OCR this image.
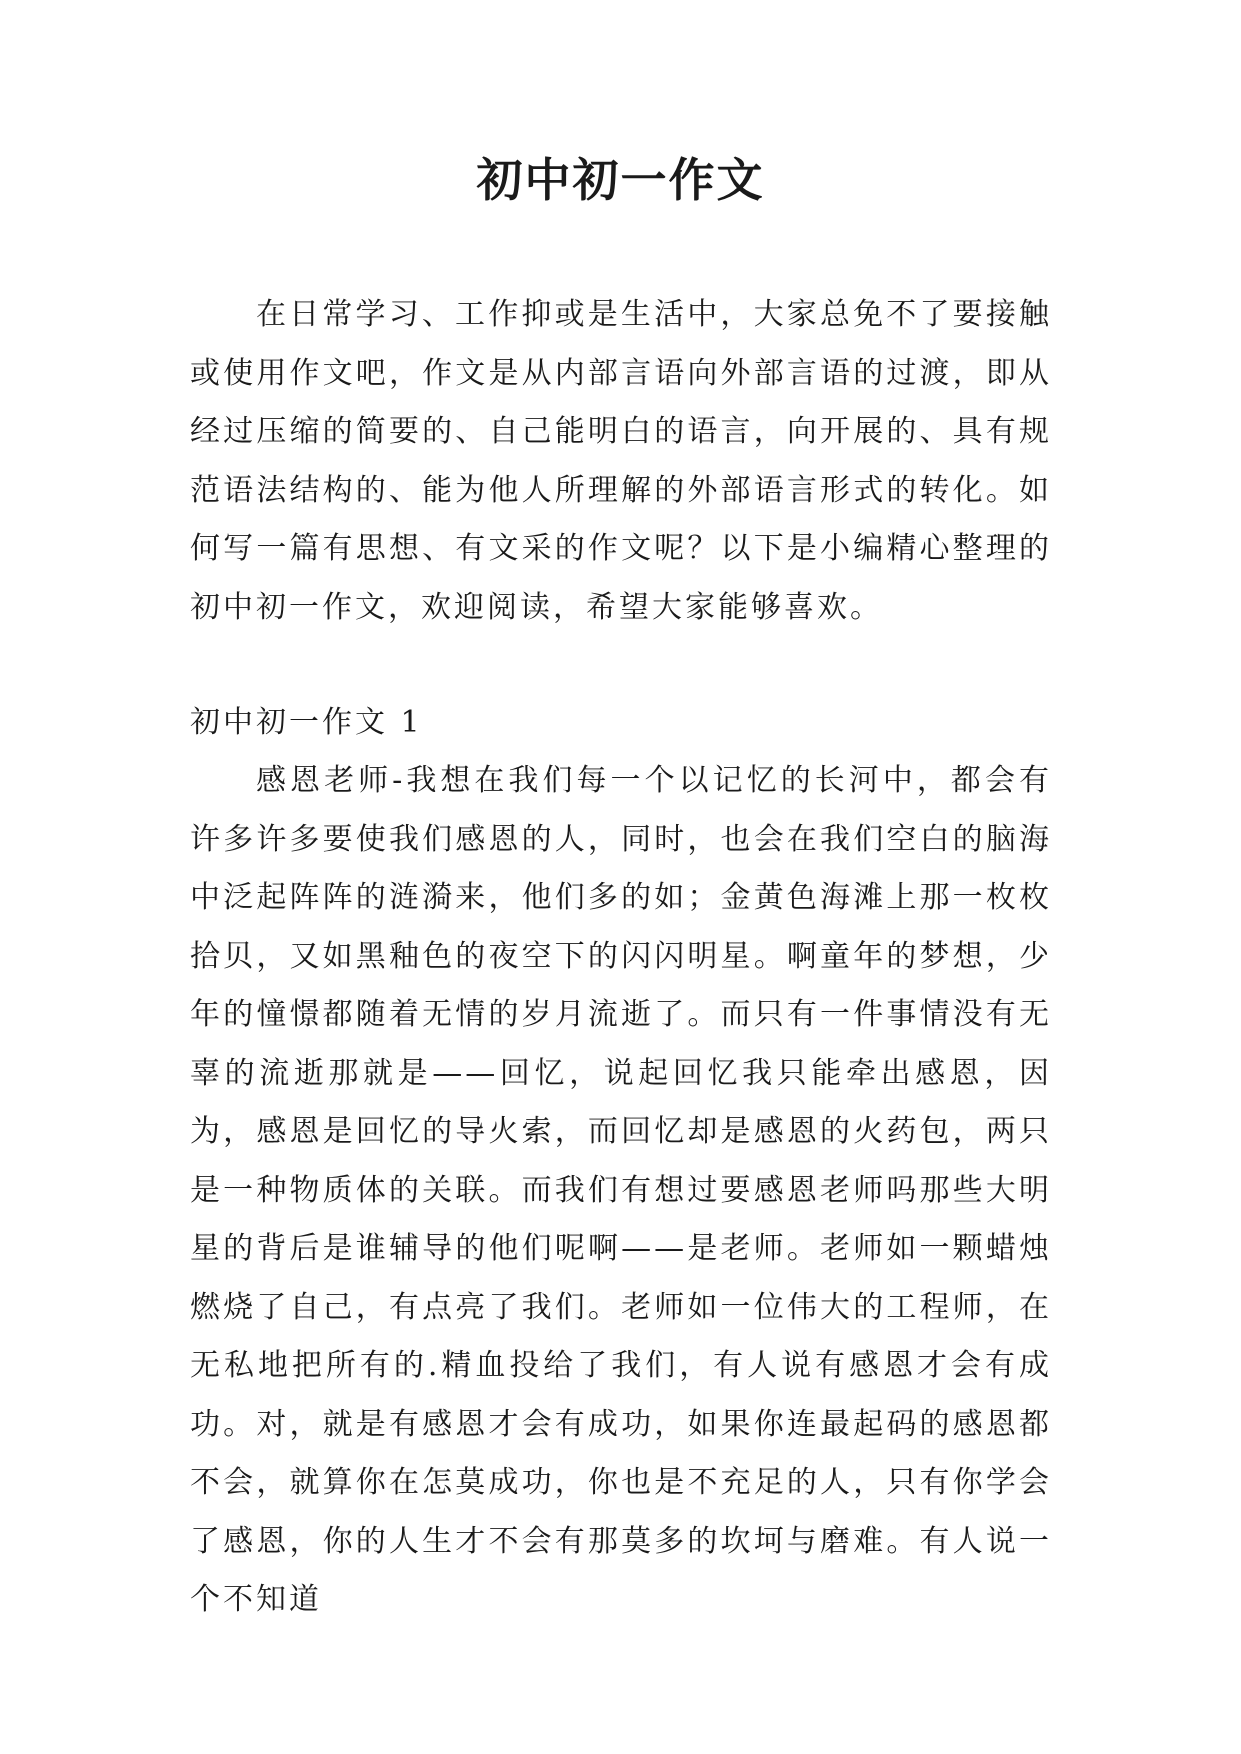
初中初一作文

在日常学习、工作抑或是生活中，大家总免不了要接触或使用作文吧，作文是从内部言语向外部言语的过渡，即从经过压缩的简要的、自己能明白的语言，向开展的、具有规范语法结构的、能为他人所理解的外部语言形式的转化。如何写一篇有思想、有文采的作文呢？以下是小编精心整理的初中初一作文，欢迎阅读，希望大家能够喜欢。

初中初一作文 1

感恩老师-我想在我们每一个以记忆的长河中，都会有许多许多要使我们感恩的人，同时，也会在我们空白的脑海中泛起阵阵的涟漪来，他们多的如；金黄色海滩上那一枚枚拾贝，又如黑釉色的夜空下的闪闪明星。啊童年的梦想，少年的憧憬都随着无情的岁月流逝了。而只有一件事情没有无辜的流逝那就是——回忆，说起回忆我只能牵出感恩，因为，感恩是回忆的导火索，而回忆却是感恩的火药包，两只是一种物质体的关联。而我们有想过要感恩老师吗那些大明星的背后是谁辅导的他们呢啊——是老师。老师如一颗蜡烛燃烧了自己，有点亮了我们。老师如一位伟大的工程师，在无私地把所有的.精血投给了我们，有人说有感恩才会有成功。对，就是有感恩才会有成功，如果你连最起码的感恩都不会，就算你在怎莫成功，你也是不充足的人，只有你学会了感恩，你的人生才不会有那莫多的坎坷与磨难。有人说一个不知道
